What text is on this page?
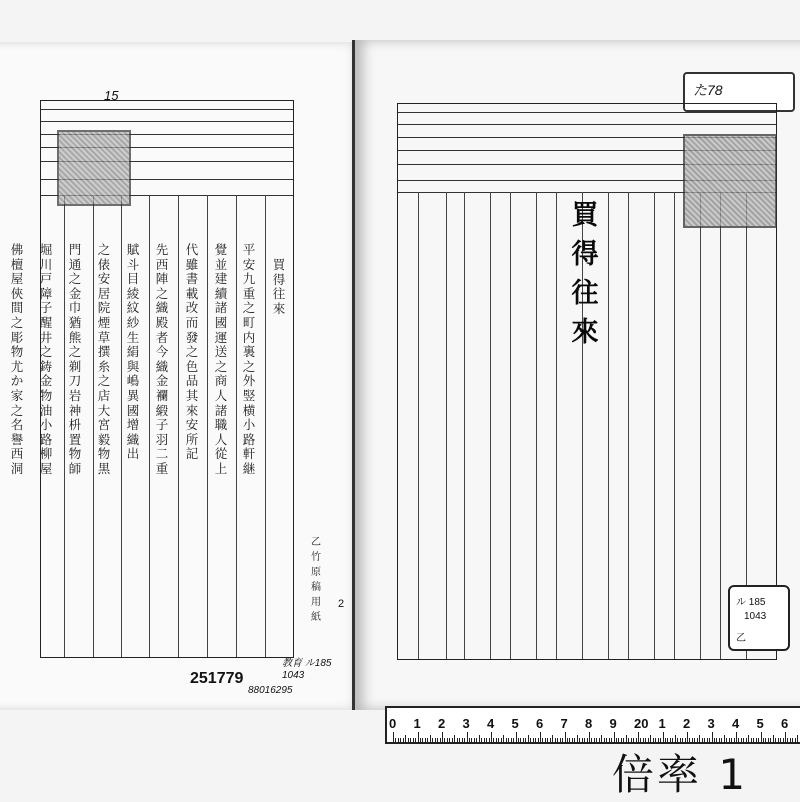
15
買
得
往
來
平
安
九
重
之
町
内
裏
之
外
竪
横
小
路
軒
継
覺
並
建
續
諸
國
運
送
之
商
人
諸
職
人
從
上
代
雖
書
載
改
而
發
之
色
品
其
來
安
所
記
先
西
陣
之
織
殿
者
今
織
金
襴
緞
子
羽
二
重
賦
斗
目
綾
紋
紗
生
絹
與
嶋
異
國
增
織
出
之
俵
安
居
院
煙
草
撰
糸
之
店
大
宮
毅
物
黒
門
通
之
金
巾
猶
熊
之
剃
刀
岩
神
枡
置
物
師
堀
川
戸
障
子
醒
井
之
鋳
金
物
油
小
路
柳
屋
佛
檀
屋
俠
間
之
彫
物
尤
か
家
之
名
譽
西
洞
乙
竹
原
稿
用
紙
2
251779
教育 ル185 1043
88016295
た78
買
得
往
來
ル 185
1043
乙
0 1 2 3 4 5 6 7 8 9 20 1 2 3 4 5 6
倍率 1
